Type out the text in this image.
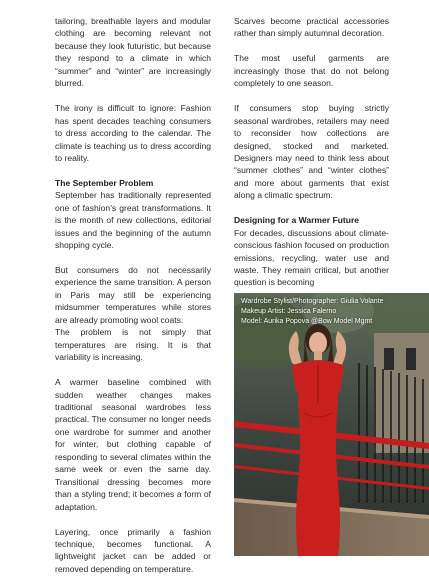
tailoring, breathable layers and modular clothing are becoming relevant not because they look futuristic, but because they respond to a climate in which “summer” and “winter” are increasingly blurred.

The irony is difficult to ignore: Fashion has spent decades teaching consumers to dress according to the calendar. The climate is teaching us to dress according to reality.

The September Problem

September has traditionally represented one of fashion’s great transformations. It is the month of new collections, editorial issues and the beginning of the autumn shopping cycle.

But consumers do not necessarily experience the same transition. A person in Paris may still be experiencing midsummer temperatures while stores are already promoting wool coats.

The problem is not simply that temperatures are rising. It is that variability is increasing.

A warmer baseline combined with sudden weather changes makes traditional seasonal wardrobes less practical. The consumer no longer needs one wardrobe for summer and another for winter, but clothing capable of responding to several climates within the same week or even the same day. Transitional dressing becomes more than a styling trend; it becomes a form of adaptation.

Layering, once primarily a fashion technique, becomes functional. A lightweight jacket can be added or removed depending on temperature.

Scarves become practical accessories rather than simply autumnal decoration.

The most useful garments are increasingly those that do not belong completely to one season.

If consumers stop buying strictly seasonal wardrobes, retailers may need to reconsider how collections are designed, stocked and marketed. Designers may need to think less about “summer clothes” and “winter clothes” and more about garments that exist along a climatic spectrum.

Designing for a Warmer Future

For decades, discussions about climate-conscious fashion focused on production emissions, recycling, water use and waste. They remain critical, but another question is becoming

Wardrobe Stylist/Photographer: Giulia Volante
Makeup Artist: Jessica Falerno
Model: Aurika Popova @Bow Model Mgmt
